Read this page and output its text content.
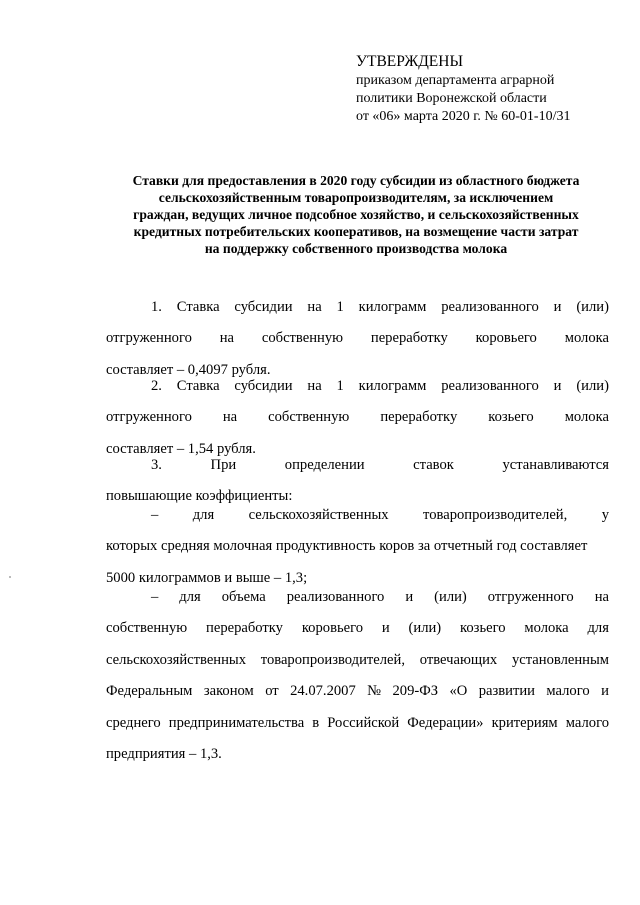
УТВЕРЖДЕНЫ
приказом департамента аграрной
политики Воронежской области
от «06» марта 2020 г. № 60-01-10/31
Ставки для предоставления в 2020 году субсидии из областного бюджета
сельскохозяйственным товаропроизводителям, за исключением
граждан, ведущих личное подсобное хозяйство, и сельскохозяйственных
кредитных потребительских кооперативов, на возмещение части затрат
на поддержку собственного производства молока
1. Ставка субсидии на 1 килограмм реализованного и (или)
отгруженного на собственную переработку коровьего молока
составляет – 0,4097 рубля.
2. Ставка субсидии на 1 килограмм реализованного и (или)
отгруженного на собственную переработку козьего молока
составляет – 1,54 рубля.
3.	При	определении	ставок	устанавливаются
повышающие коэффициенты:
– для сельскохозяйственных товаропроизводителей, у
которых средняя молочная продуктивность коров за отчетный год составляет
5000 килограммов и выше – 1,3;
– для объема реализованного и (или) отгруженного на
собственную переработку коровьего и (или) козьего молока для
сельскохозяйственных товаропроизводителей, отвечающих установленным
Федеральным законом от 24.07.2007 № 209-ФЗ «О развитии малого и
среднего предпринимательства в Российской Федерации» критериям малого
предприятия – 1,3.
